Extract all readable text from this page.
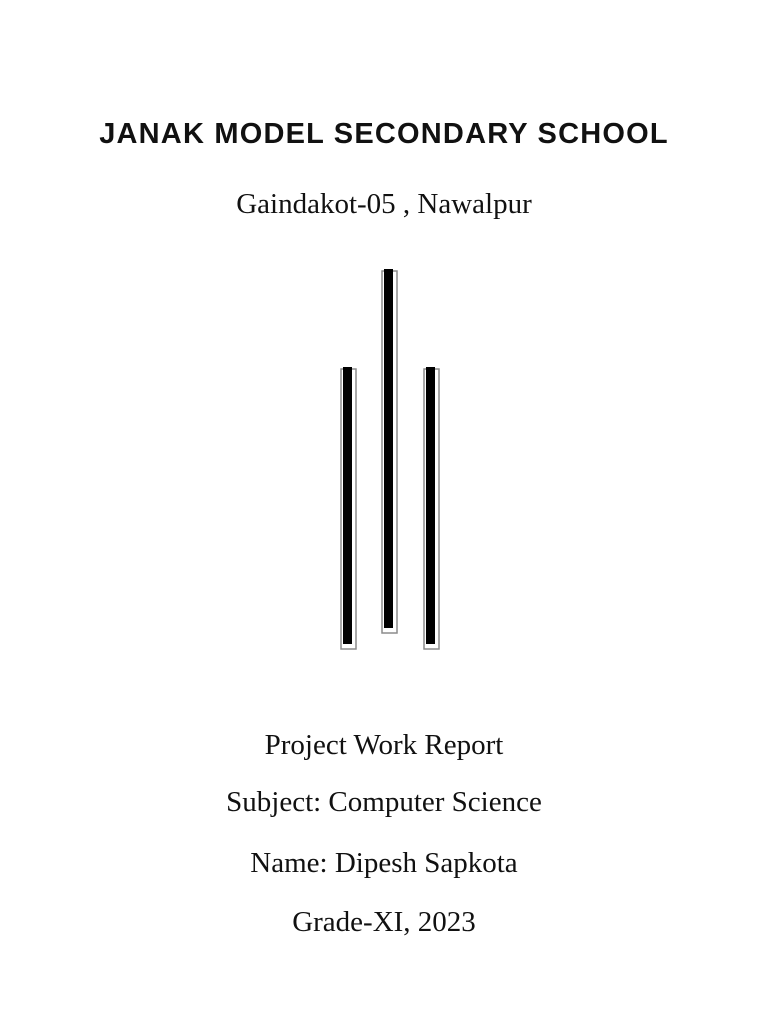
JANAK MODEL SECONDARY SCHOOL
Gaindakot-05 , Nawalpur
Project Work Report
Subject: Computer Science
Name: Dipesh Sapkota
Grade-XI, 2023
